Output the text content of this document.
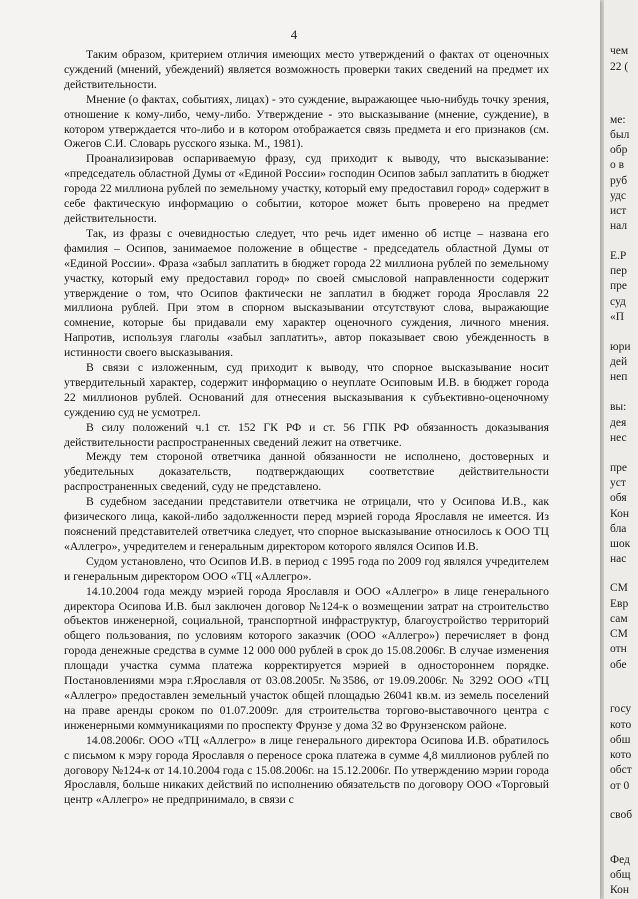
4

Таким образом, критерием отличия имеющих место утверждений о фактах от оценочных суждений (мнений, убеждений) является возможность проверки таких сведений на предмет их действительности.

Мнение (о фактах, событиях, лицах) - это суждение, выражающее чью-нибудь точку зрения, отношение к кому-либо, чему-либо. Утверждение - это высказывание (мнение, суждение), в котором утверждается что-либо и в котором отображается связь предмета и его признаков (см. Ожегов С.И. Словарь русского языка. М., 1981).

Проанализировав оспариваемую фразу, суд приходит к выводу, что высказывание: «председатель областной Думы от «Единой России» господин Осипов забыл заплатить в бюджет города 22 миллиона рублей по земельному участку, который ему предоставил город» содержит в себе фактическую информацию о событии, которое может быть проверено на предмет действительности.

Так, из фразы с очевидностью следует, что речь идет именно об истце – названа его фамилия – Осипов, занимаемое положение в обществе - председатель областной Думы от «Единой России». Фраза «забыл заплатить в бюджет города 22 миллиона рублей по земельному участку, который ему предоставил город» по своей смысловой направленности содержит утверждение о том, что Осипов фактически не заплатил в бюджет города Ярославля 22 миллиона рублей. При этом в спорном высказывании отсутствуют слова, выражающие сомнение, которые бы придавали ему характер оценочного суждения, личного мнения. Напротив, используя глаголы «забыл заплатить», автор показывает свою убежденность в истинности своего высказывания.

В связи с изложенным, суд приходит к выводу, что спорное высказывание носит утвердительный характер, содержит информацию о неуплате Осиповым И.В. в бюджет города 22 миллионов рублей. Оснований для отнесения высказывания к субъективно-оценочному суждению суд не усмотрел.

В силу положений ч.1 ст. 152 ГК РФ и ст. 56 ГПК РФ обязанность доказывания действительности распространенных сведений лежит на ответчике.

Между тем стороной ответчика данной обязанности не исполнено, достоверных и убедительных доказательств, подтверждающих соответствие действительности распространенных сведений, суду не представлено.

В судебном заседании представители ответчика не отрицали, что у Осипова И.В., как физического лица, какой-либо задолженности перед мэрией города Ярославля не имеется. Из пояснений представителей ответчика следует, что спорное высказывание относилось к ООО ТЦ «Аллегро», учредителем и генеральным директором которого являлся Осипов И.В.

Судом установлено, что Осипов И.В. в период с 1995 года по 2009 год являлся учредителем и генеральным директором ООО «ТЦ «Аллегро».

14.10.2004 года между мэрией города Ярославля и ООО «Аллегро» в лице генерального директора Осипова И.В. был заключен договор №124-к о возмещении затрат на строительство объектов инженерной, социальной, транспортной инфраструктур, благоустройство территорий общего пользования, по условиям которого заказчик (ООО «Аллегро») перечисляет в фонд города денежные средства в сумме 12 000 000 рублей в срок до 15.08.2006г. В случае изменения площади участка сумма платежа корректируется мэрией в одностороннем порядке. Постановлениями мэра г.Ярославля от 03.08.2005г. №3586, от 19.09.2006г. № 3292 ООО «ТЦ «Аллегро» предоставлен земельный участок общей площадью 26041 кв.м. из земель поселений на праве аренды сроком по 01.07.2009г. для строительства торгово-выставочного центра с инженерными коммуникациями по проспекту Фрунзе у дома 32 во Фрунзенском районе.

14.08.2006г. ООО «ТЦ «Аллегро» в лице генерального директора Осипова И.В. обратилось с письмом к мэру города Ярославля о переносе срока платежа в сумме 4,8 миллионов рублей по договору №124-к от 14.10.2004 года с 15.08.2006г. на 15.12.2006г. По утверждению мэрии города Ярославля, больше никаких действий по исполнению обязательств по договору ООО «Торговый центр «Аллегро» не предпринимало, в связи с

чем
22 (
ме:
был
обр
о в
руб
удс
ист
нал
Е.Р
пер
пре
суд
«П
юри
дей
неп
вы:
дея
нес
пре
уст
обя
Кон
бла
шок
нас
СМ
Евр
сам
СМ
отн
обе
госу
кото
обш
кото
обст
от 0
своб
Фед
общ
Кон
